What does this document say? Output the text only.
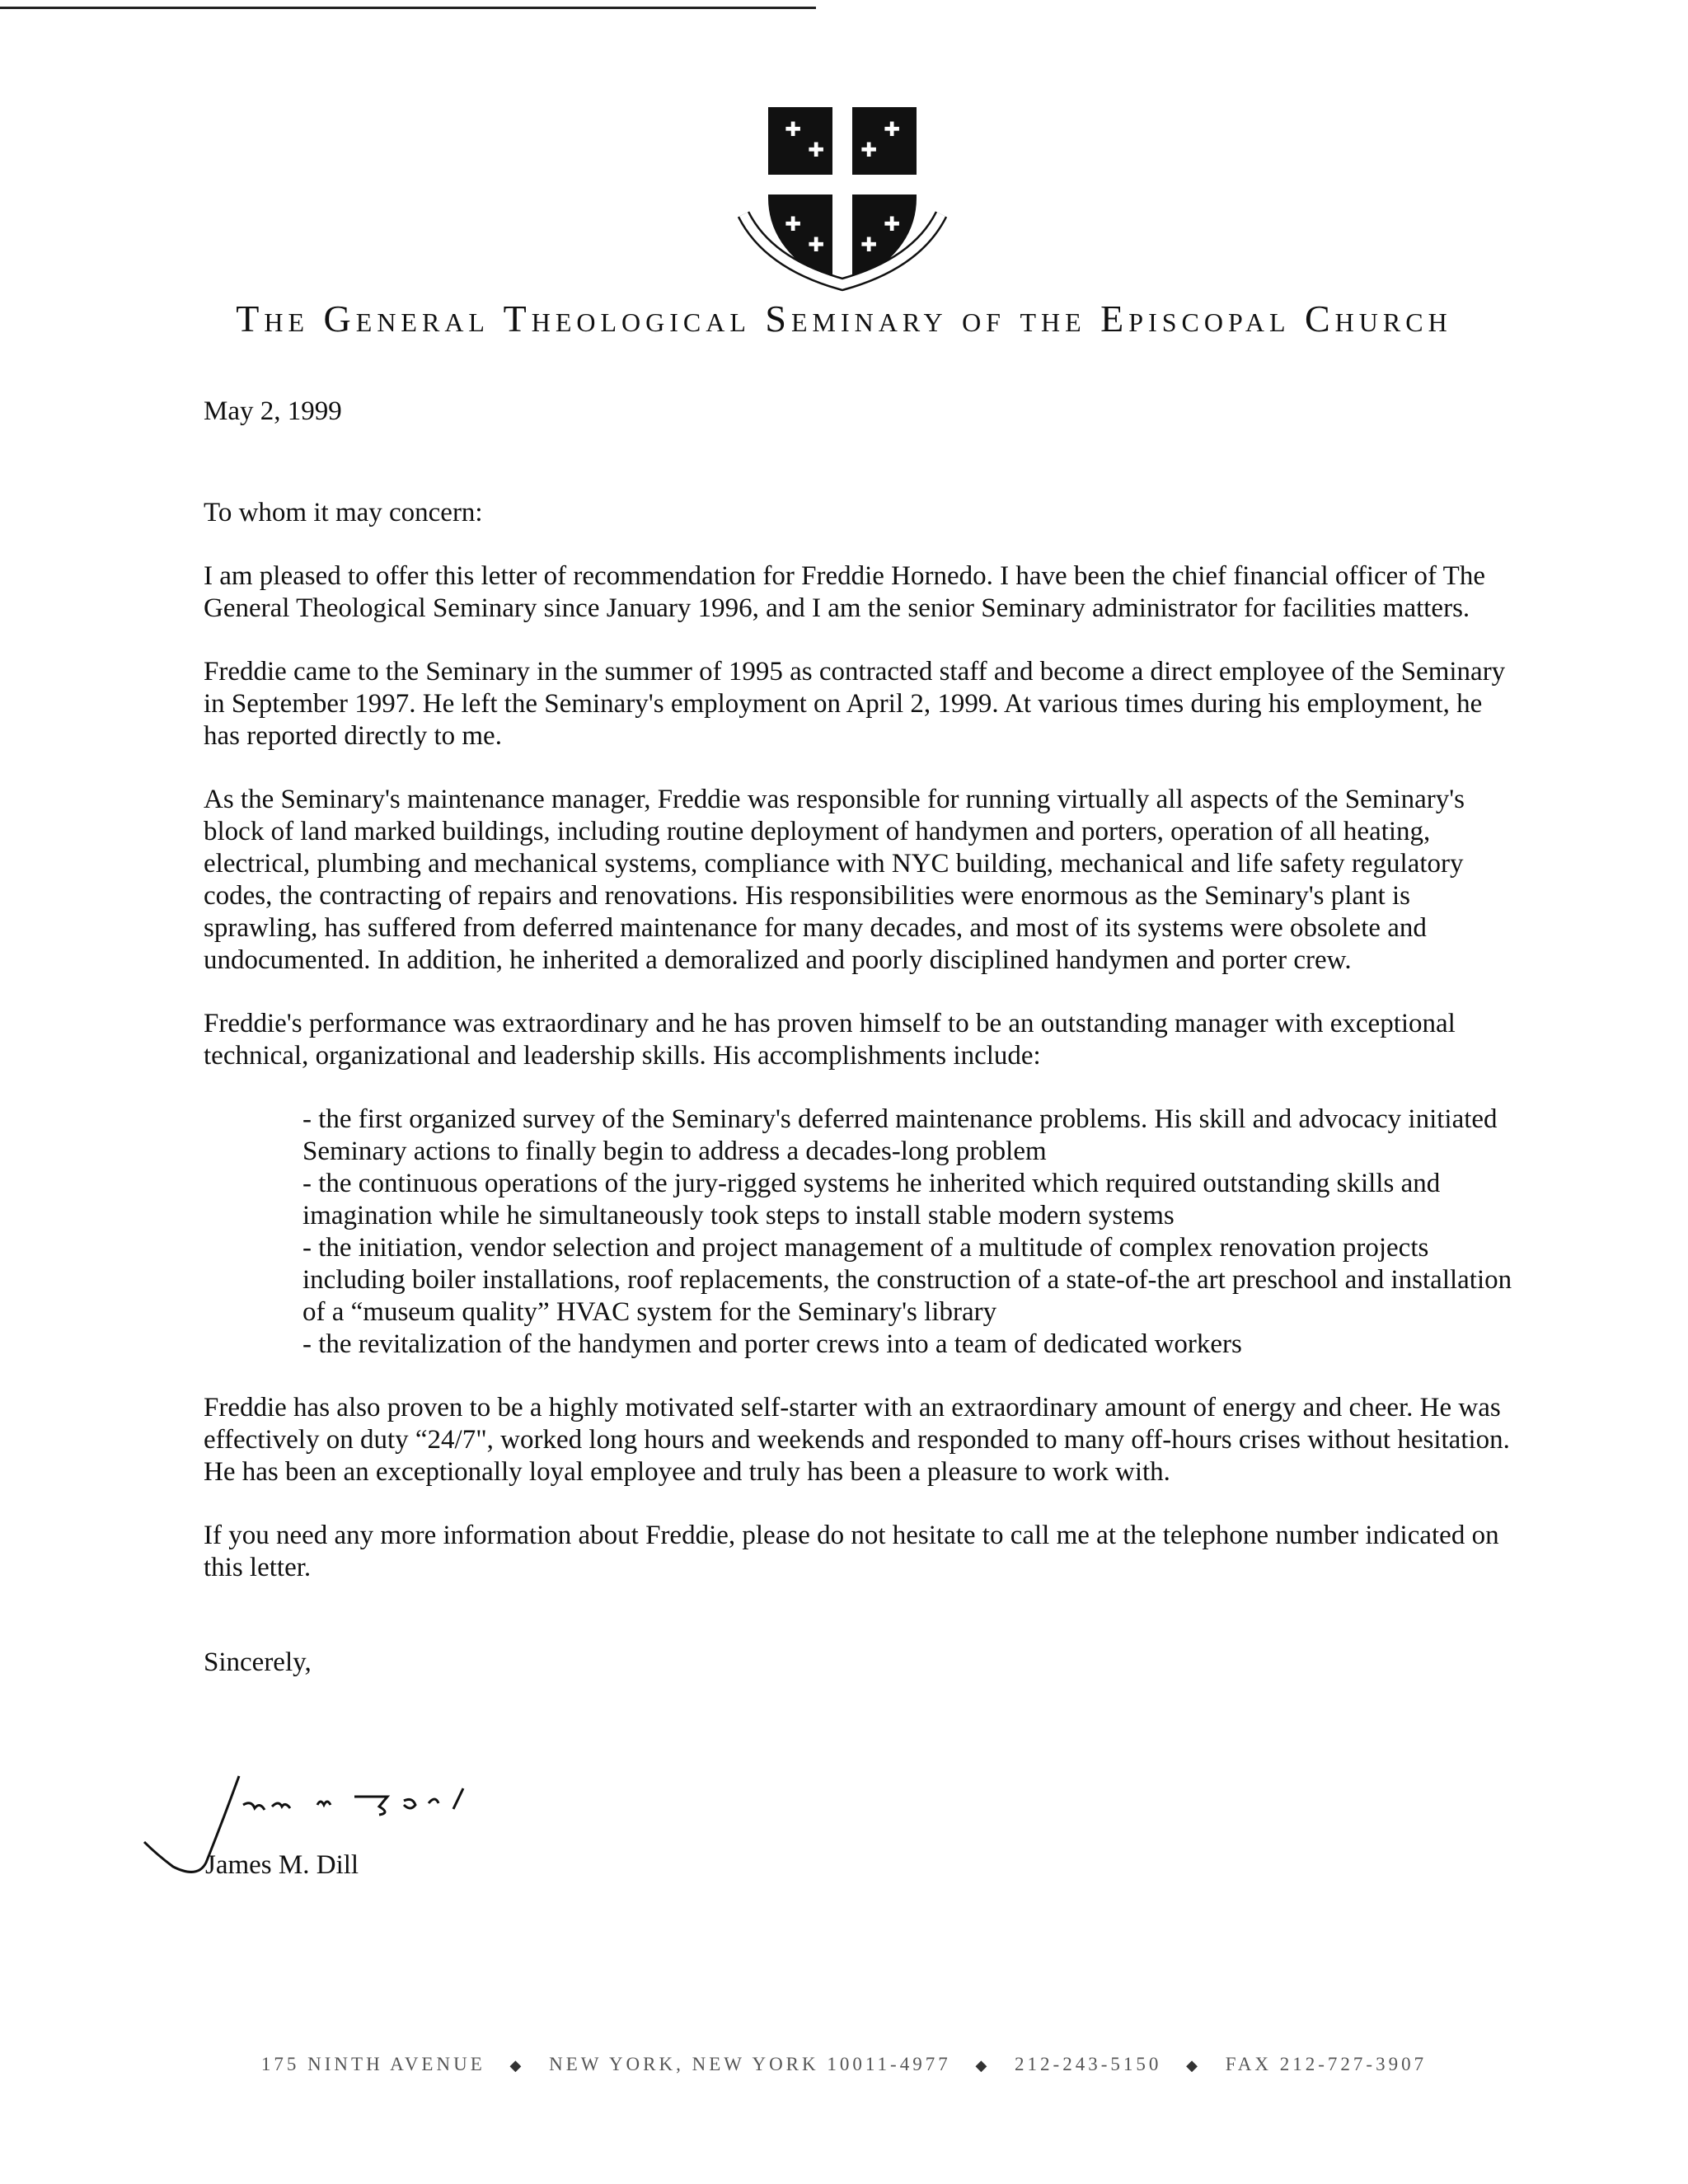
✚
✚
✚
✚
✚
✚
✚
✚
The General Theological Seminary of the Episcopal Church

May 2, 1999

To whom it may concern:

I am pleased to offer this letter of recommendation for Freddie Hornedo. I have been the chief financial officer of The General Theological Seminary since January 1996, and I am the senior Seminary administrator for facilities matters.

Freddie came to the Seminary in the summer of 1995 as contracted staff and become a direct employee of the Seminary in September 1997. He left the Seminary's employment on April 2, 1999. At various times during his employment, he has reported directly to me.

As the Seminary's maintenance manager, Freddie was responsible for running virtually all aspects of the Seminary's block of land marked buildings, including routine deployment of handymen and porters, operation of all heating, electrical, plumbing and mechanical systems, compliance with NYC building, mechanical and life safety regulatory codes, the contracting of repairs and renovations. His responsibilities were enormous as the Seminary's plant is sprawling, has suffered from deferred maintenance for many decades, and most of its systems were obsolete and undocumented. In addition, he inherited a demoralized and poorly disciplined handymen and porter crew.

Freddie's performance was extraordinary and he has proven himself to be an outstanding manager with exceptional technical, organizational and leadership skills. His accomplishments include:

- the first organized survey of the Seminary's deferred maintenance problems. His skill and advocacy initiated Seminary actions to finally begin to address a decades-long problem

- the continuous operations of the jury-rigged systems he inherited which required outstanding skills and imagination while he simultaneously took steps to install stable modern systems

- the initiation, vendor selection and project management of a multitude of complex renovation projects including boiler installations, roof replacements, the construction of a state-of-the art preschool and installation of a “museum quality” HVAC system for the Seminary's library

- the revitalization of the handymen and porter crews into a team of dedicated workers

Freddie has also proven to be a highly motivated self-starter with an extraordinary amount of energy and cheer. He was effectively on duty “24/7", worked long hours and weekends and responded to many off-hours crises without hesitation. He has been an exceptionally loyal employee and truly has been a pleasure to work with.

If you need any more information about Freddie, please do not hesitate to call me at the telephone number indicated on this letter.

Sincerely,

James M. Dill
175 NINTH AVENUE ◆ NEW YORK, NEW YORK 10011-4977 ◆ 212-243-5150 ◆ FAX 212-727-3907
